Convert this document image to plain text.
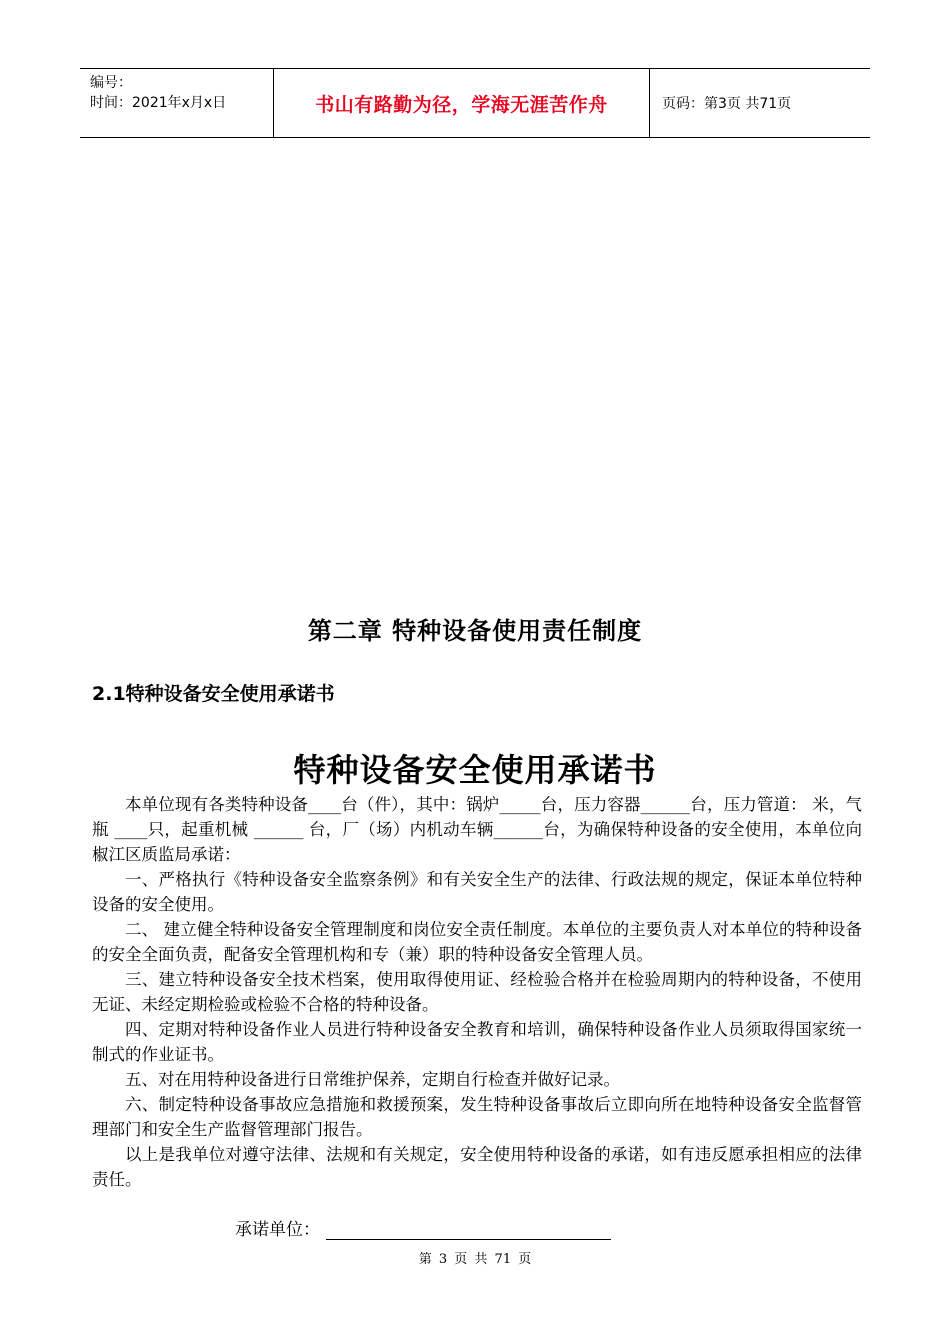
编号：
时间：2021年x月x日	书山有路勤为径，学海无涯苦作舟	页码：第3页 共71页
第二章 特种设备使用责任制度
2.1特种设备安全使用承诺书
特种设备安全使用承诺书

本单位现有各类特种设备____台（件），其中：锅炉_____台，压力容器______台，压力管道： 米，气瓶 ____只，起重机械 ______ 台，厂（场）内机动车辆______台，为确保特种设备的安全使用，本单位向椒江区质监局承诺：

一、严格执行《特种设备安全监察条例》和有关安全生产的法律、行政法规的规定，保证本单位特种设备的安全使用。

二、 建立健全特种设备安全管理制度和岗位安全责任制度。本单位的主要负责人对本单位的特种设备的安全全面负责，配备安全管理机构和专（兼）职的特种设备安全管理人员。

三、建立特种设备安全技术档案，使用取得使用证、经检验合格并在检验周期内的特种设备，不使用无证、未经定期检验或检验不合格的特种设备。

四、定期对特种设备作业人员进行特种设备安全教育和培训，确保特种设备作业人员须取得国家统一制式的作业证书。

五、对在用特种设备进行日常维护保养，定期自行检查并做好记录。

六、制定特种设备事故应急措施和救援预案，发生特种设备事故后立即向所在地特种设备安全监督管理部门和安全生产监督管理部门报告。

以上是我单位对遵守法律、法规和有关规定，安全使用特种设备的承诺，如有违反愿承担相应的法律责任。

承诺单位：
第 3 页 共 71 页
